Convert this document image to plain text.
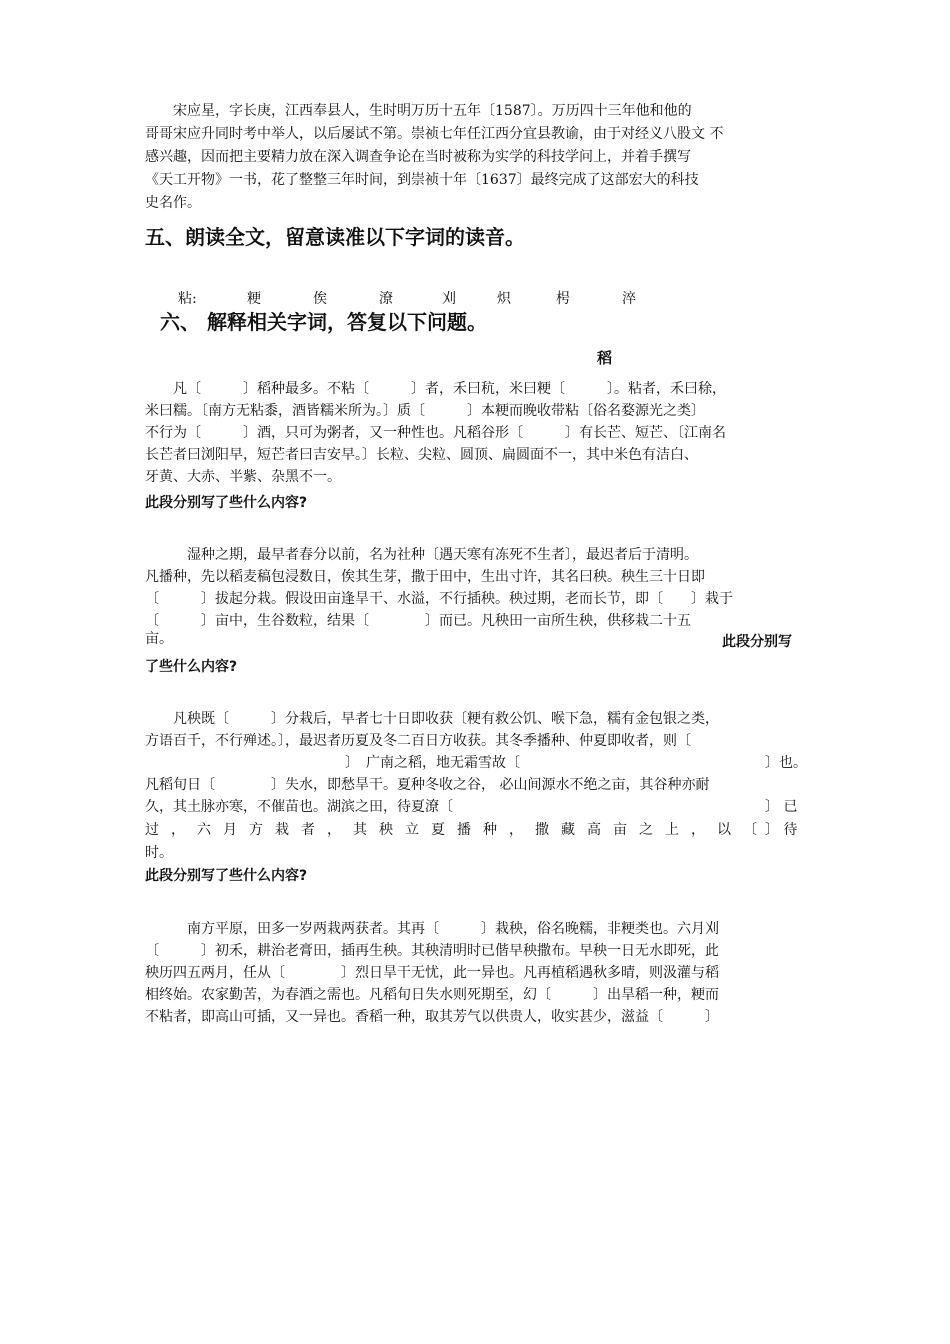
　　宋应星，字长庚，江西奉县人，生时明万历十五年〔1587〕。万历四十三年他和他的
哥哥宋应升同时考中举人，以后屡试不第。崇祯七年任江西分宜县教谕，由于对经义八股文 不
感兴趣，因而把主要精力放在深入调查争论在当时被称为实学的科技学问上，并着手撰写
《天工开物》一书，花了整整三年时间，到崇祯十年〔1637〕最终完成了这部宏大的科技
史名作。
五、朗读全文，留意读准以下字词的读音。
粘:	粳	俟	潦	刈	炽	枵	淬
六、 解释相关字词，答复以下问题。
稻
　　凡〔　　　〕稻种最多。不粘〔　　　〕者，禾曰秔，米曰粳〔　　　〕。粘者，禾曰稌，
米曰糯。〔南方无粘黍，酒皆糯米所为。〕质〔　　　〕本粳而晚收带粘〔俗名婺源光之类〕
不行为〔　　　〕酒，只可为粥者，又一种性也。凡稻谷形〔　　　〕有长芒、短芒、〔江南名
长芒者曰浏阳早，短芒者曰吉安早。〕长粒、尖粒、圆顶、扁圆面不一，其中米色有洁白、
牙黄、大赤、半紫、杂黑不一。
此段分别写了些什么内容?
　　　湿种之期，最早者春分以前，名为社种〔遇天寒有冻死不生者〕，最迟者后于清明。
凡播种，先以稻麦稿包浸数日，俟其生芽，撒于田中，生出寸许，其名曰秧。秧生三十日即
〔　　　〕拔起分栽。假设田亩逢旱干、水溢，不行插秧。秧过期，老而长节，即〔　　〕栽于
〔　　　〕亩中，生谷数粒，结果〔　　　　〕而已。凡秧田一亩所生秧，供移栽二十五
亩。	此段分别写
了些什么内容?
　　凡秧既〔　　　〕分栽后，早者七十日即收获〔粳有救公饥、喉下急，糯有金包银之类，
方语百千，不行殚述。〕，最迟者历夏及冬二百日方收获。其冬季播种、仲夏即收者，则〔
〕　广南之稻，地无霜雪故〔	〕也。
凡稻旬日〔　　　　〕失水，即愁旱干。夏种冬收之谷， 必山间源水不绝之亩，其谷种亦耐
久，其土脉亦寒，不催苗也。湖滨之田，待夏潦〔	〕 已
过，六月方栽者，其秧立夏播种，撒藏高亩之上，以〔
〕 待
时。
此段分别写了些什么内容?
　　　南方平原，田多一岁两栽两获者。其再〔　　　〕栽秧，俗名晚糯，非粳类也。六月刈
〔　　　〕初禾，耕治老膏田，插再生秧。其秧清明时已偕早秧撒布。早秧一日无水即死，此
秧历四五两月，任从〔　　　　〕烈日旱干无忧，此一异也。凡再植稻遇秋多晴，则汲灌与稻
相终始。农家勤苦，为春酒之需也。凡稻旬日失水则死期至，幻〔　　　〕出旱稻一种，粳而
不粘者，即高山可插，又一异也。香稻一种，取其芳气以供贵人，收实甚少，滋益〔　　　〕
